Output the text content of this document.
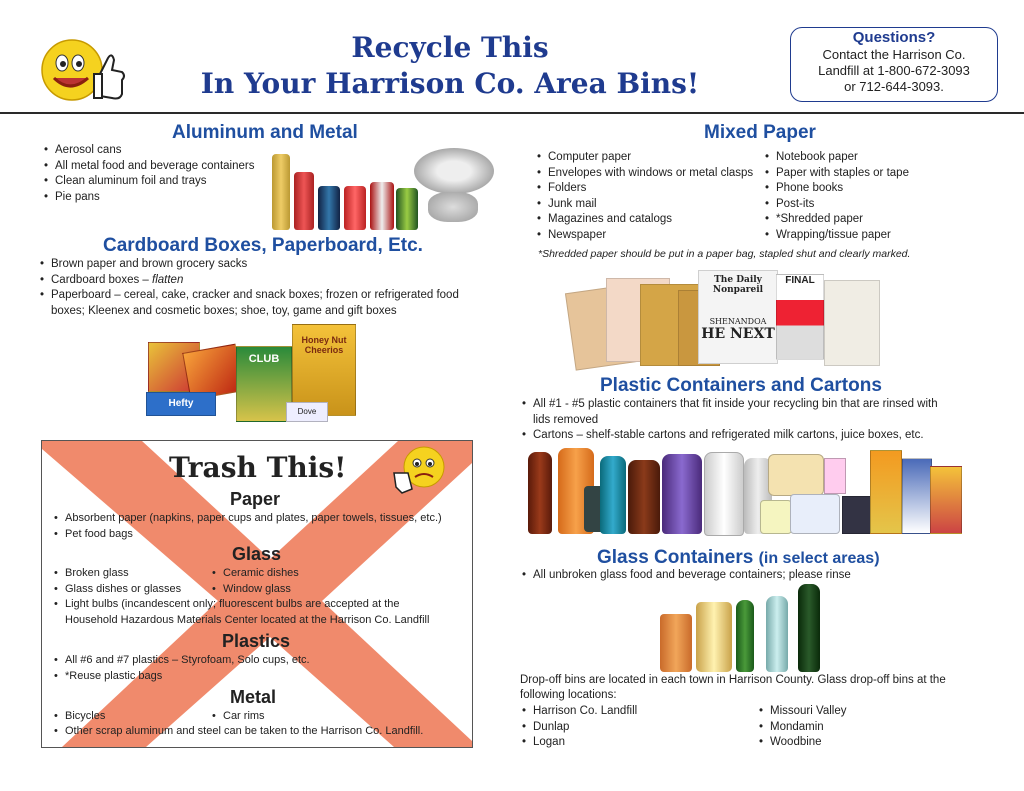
Recycle This
In Your Harrison Co. Area Bins!
Questions?
Contact the Harrison Co.
Landfill at 1-800-672-3093
or 712-644-3093.
Aluminum and Metal
• Aerosol cans
• All metal food and beverage containers
• Clean aluminum foil and trays
• Pie pans
Cardboard Boxes, Paperboard, Etc.
• Brown paper and brown grocery sacks
• Cardboard boxes – flatten
• Paperboard – cereal, cake, cracker and snack boxes; frozen or refrigerated food
boxes; Kleenex and cosmetic boxes; shoe, toy, game and gift boxes
Hefty
CLUB
Honey Nut Cheerios
Dove
Trash This!
Paper
• Absorbent paper (napkins, paper cups and plates, paper towels, tissues, etc.)
• Pet food bags
Glass
• Broken glass
• Glass dishes or glasses
• Ceramic dishes
• Window glass
• Light bulbs (incandescent only; fluorescent bulbs are accepted at the
Household Hazardous Materials Center located at the Harrison Co. Landfill
Plastics
• All #6 and #7 plastics – Styrofoam, Solo cups, etc.
• *Reuse plastic bags
Metal
• Bicycles
•	Car rims
• Other scrap aluminum and steel can be taken to the Harrison Co. Landfill.
Mixed Paper
• Computer paper
• Envelopes with windows or metal clasps
• Folders
• Junk mail
• Magazines and catalogs
• Newspaper
• Notebook paper
• Paper with staples or tape
• Phone books
• Post-its
• *Shredded paper
• Wrapping/tissue paper
*Shredded paper should be put in a paper bag, stapled shut and clearly marked.
The Daily Nonpareil
SHENANDOA
HE NEXT
FINAL
Plastic Containers and Cartons
• All #1 - #5 plastic containers that fit inside your recycling bin that are rinsed with
lids removed
• Cartons – shelf-stable cartons and refrigerated milk cartons, juice boxes, etc.
Glass Containers (in select areas)
• All unbroken glass food and beverage containers; please rinse
Drop-off bins are located in each town in Harrison County. Glass drop-off bins at the
following locations:
• Harrison Co. Landfill
• Dunlap
• Logan
• Missouri Valley
• Mondamin
• Woodbine
